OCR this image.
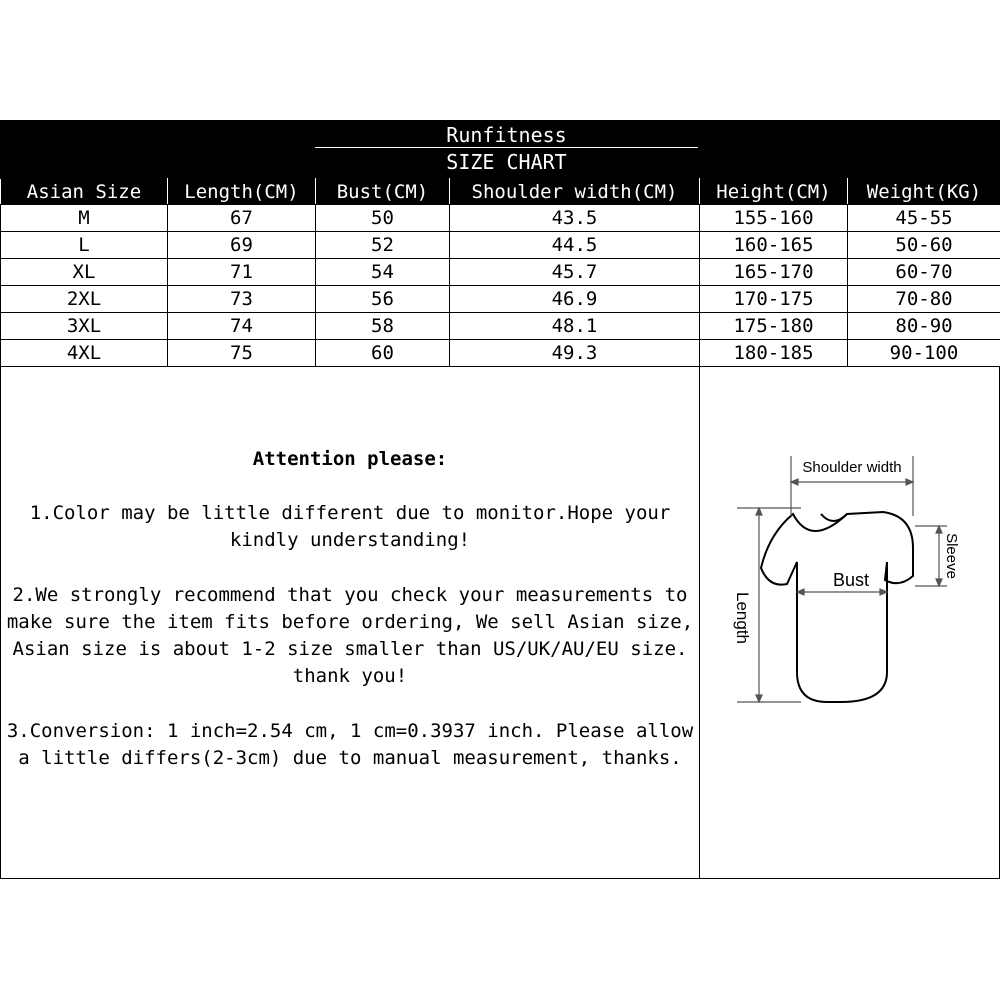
Runfitness
SIZE CHART
Asian Size	Length(CM)	Bust(CM)	Shoulder width(CM)	Height(CM)	Weight(KG)
M	67	50	43.5	155-160	45-55
L	69	52	44.5	160-165	50-60
XL	71	54	45.7	165-170	60-70
2XL	73	56	46.9	170-175	70-80
3XL	74	58	48.1	175-180	80-90
4XL	75	60	49.3	180-185	90-100
Attention please:
1.Color may be little different due to monitor.Hope your kindly understanding!
2.We strongly recommend that you check your measurements to make sure the item fits before ordering, We sell Asian size, Asian size is about 1-2 size smaller than US/UK/AU/EU size. thank you!
3.Conversion: 1 inch=2.54 cm, 1 cm=0.3937 inch. Please allow a little differs(2-3cm) due to manual measurement, thanks.
Shoulder width
Bust
Length
Sleeve
